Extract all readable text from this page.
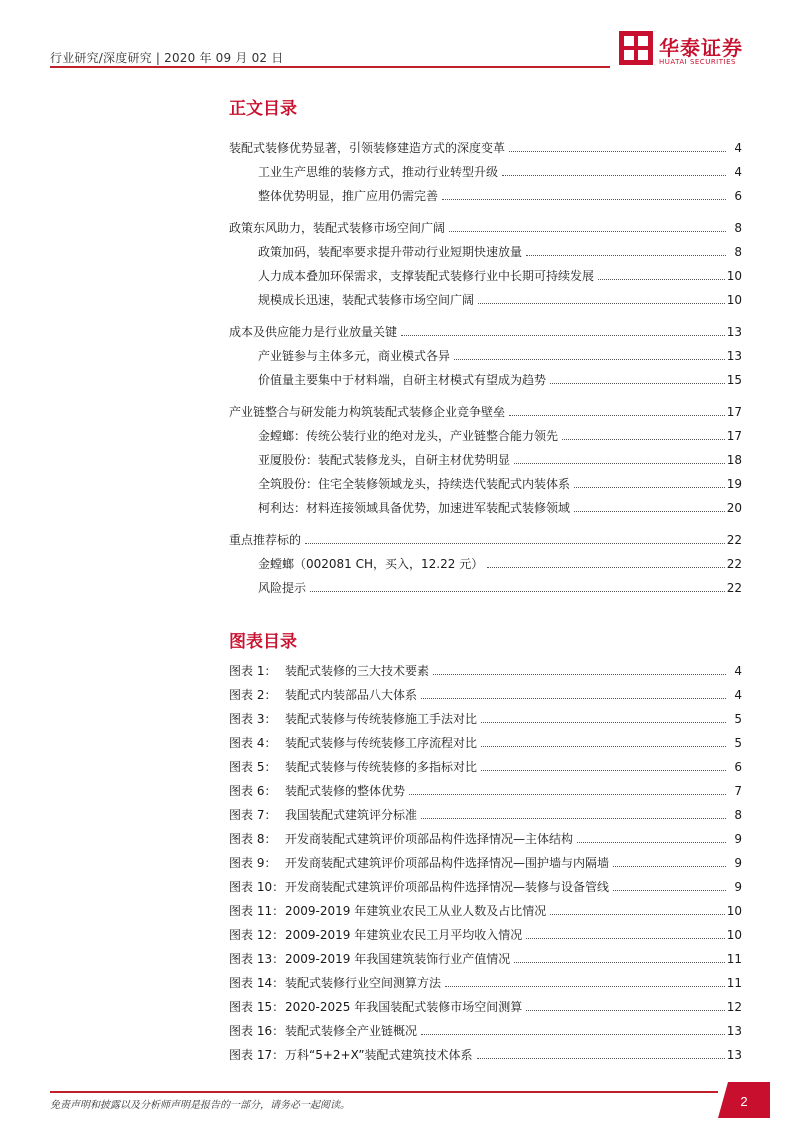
行业研究/深度研究 | 2020 年 09 月 02 日	华泰证券
HUATAI SECURITIES
正文目录
装配式装修优势显著，引领装修建造方式的深度变革	4
工业生产思维的装修方式，推动行业转型升级	4
整体优势明显，推广应用仍需完善	6
政策东风助力，装配式装修市场空间广阔	8
政策加码，装配率要求提升带动行业短期快速放量	8
人力成本叠加环保需求，支撑装配式装修行业中长期可持续发展	10
规模成长迅速，装配式装修市场空间广阔	10
成本及供应能力是行业放量关键	13
产业链参与主体多元，商业模式各异	13
价值量主要集中于材料端，自研主材模式有望成为趋势	15
产业链整合与研发能力构筑装配式装修企业竞争壁垒	17
金螳螂：传统公装行业的绝对龙头，产业链整合能力领先	17
亚厦股份：装配式装修龙头，自研主材优势明显	18
全筑股份：住宅全装修领域龙头，持续迭代装配式内装体系	19
柯利达：材料连接领域具备优势，加速进军装配式装修领域	20
重点推荐标的	22
金螳螂（002081 CH，买入，12.22 元）	22
风险提示	22
图表目录
图表 1： 装配式装修的三大技术要素	4
图表 2： 装配式内装部品八大体系	4
图表 3： 装配式装修与传统装修施工手法对比	5
图表 4： 装配式装修与传统装修工序流程对比	5
图表 5： 装配式装修与传统装修的多指标对比	6
图表 6： 装配式装修的整体优势	7
图表 7： 我国装配式建筑评分标准	8
图表 8： 开发商装配式建筑评价项部品构件选择情况—主体结构	9
图表 9： 开发商装配式建筑评价项部品构件选择情况—围护墙与内隔墙	9
图表 10： 开发商装配式建筑评价项部品构件选择情况—装修与设备管线	9
图表 11： 2009-2019 年建筑业农民工从业人数及占比情况	10
图表 12： 2009-2019 年建筑业农民工月平均收入情况	10
图表 13： 2009-2019 年我国建筑装饰行业产值情况	11
图表 14： 装配式装修行业空间测算方法	11
图表 15： 2020-2025 年我国装配式装修市场空间测算	12
图表 16： 装配式装修全产业链概况	13
图表 17： 万科“5+2+X”装配式建筑技术体系	13
免责声明和披露以及分析师声明是报告的一部分，请务必一起阅读。	2
